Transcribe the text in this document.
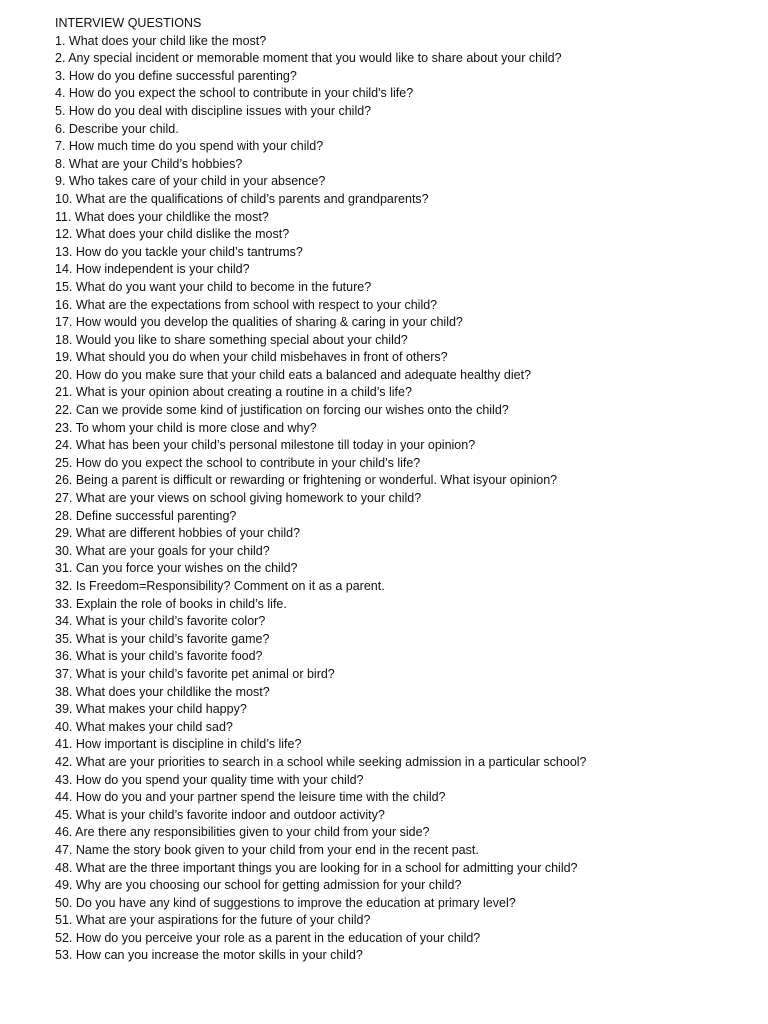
INTERVIEW QUESTIONS
1. What does your child like the most?
2. Any special incident or memorable moment that you would like to share about your child?
3. How do you define successful parenting?
4. How do you expect the school to contribute in your child's life?
5. How do you deal with discipline issues with your child?
6. Describe your child.
7. How much time do you spend with your child?
8. What are your Child’s hobbies?
9. Who takes care of your child in your absence?
10. What are the qualifications of child’s parents and grandparents?
11. What does your childlike the most?
12. What does your child dislike the most?
13. How do you tackle your child’s tantrums?
14. How independent is your child?
15. What do you want your child to become in the future?
16. What are the expectations from school with respect to your child?
17. How would you develop the qualities of sharing & caring in your child?
18. Would you like to share something special about your child?
19. What should you do when your child misbehaves in front of others?
20. How do you make sure that your child eats a balanced and adequate healthy diet?
21. What is your opinion about creating a routine in a child’s life?
22. Can we provide some kind of justification on forcing our wishes onto the child?
23. To whom your child is more close and why?
24. What has been your child’s personal milestone till today in your opinion?
25. How do you expect the school to contribute in your child’s life?
26. Being a parent is difficult or rewarding or frightening or wonderful. What isyour opinion?
27. What are your views on school giving homework to your child?
28. Define successful parenting?
29. What are different hobbies of your child?
30. What are your goals for your child?
31. Can you force your wishes on the child?
32. Is Freedom=Responsibility? Comment on it as a parent.
33. Explain the role of books in child’s life.
34. What is your child’s favorite color?
35. What is your child’s favorite game?
36. What is your child’s favorite food?
37. What is your child’s favorite pet animal or bird?
38. What does your childlike the most?
39. What makes your child happy?
40. What makes your child sad?
41. How important is discipline in child’s life?
42. What are your priorities to search in a school while seeking admission in a particular school?
43. How do you spend your quality time with your child?
44. How do you and your partner spend the leisure time with the child?
45. What is your child’s favorite indoor and outdoor activity?
46. Are there any responsibilities given to your child from your side?
47. Name the story book given to your child from your end in the recent past.
48. What are the three important things you are looking for in a school for admitting your child?
49. Why are you choosing our school for getting admission for your child?
50. Do you have any kind of suggestions to improve the education at primary level?
51. What are your aspirations for the future of your child?
52. How do you perceive your role as a parent in the education of your child?
53. How can you increase the motor skills in your child?
